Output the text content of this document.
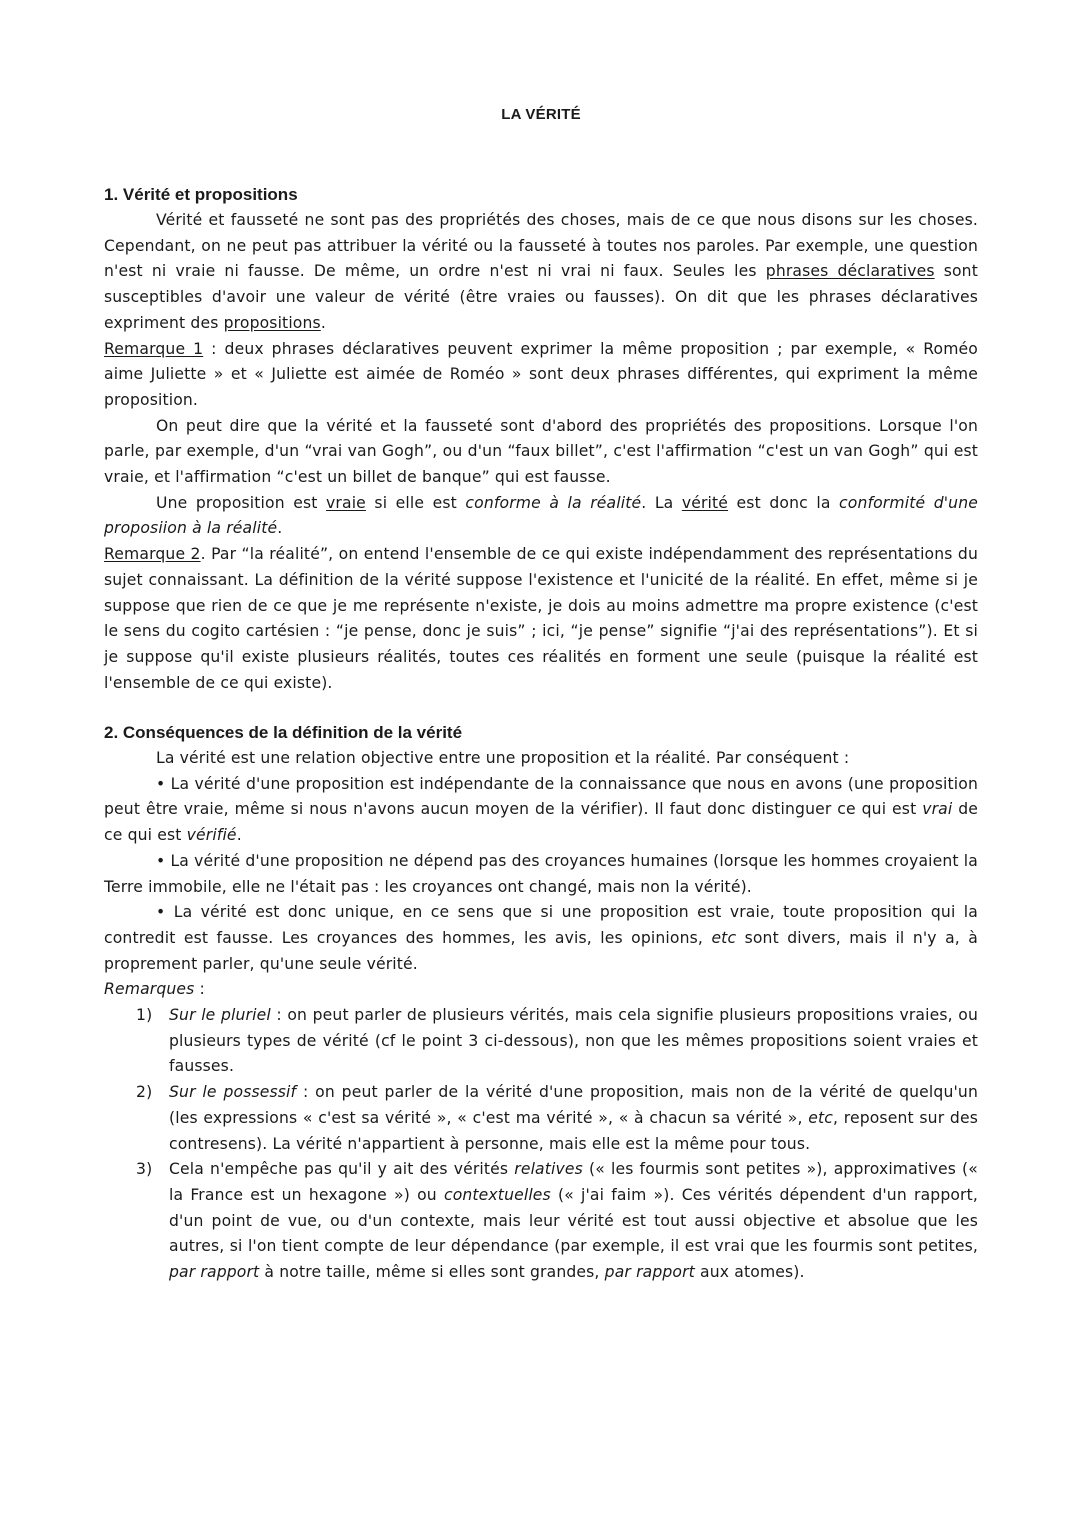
LA VÉRITÉ

1. Vérité et propositions

Vérité et fausseté ne sont pas des propriétés des choses, mais de ce que nous disons sur les choses. Cependant, on ne peut pas attribuer la vérité ou la fausseté à toutes nos paroles. Par exemple, une question n'est ni vraie ni fausse. De même, un ordre n'est ni vrai ni faux. Seules les phrases déclaratives sont susceptibles d'avoir une valeur de vérité (être vraies ou fausses). On dit que les phrases déclaratives expriment des propositions.

Remarque 1 : deux phrases déclaratives peuvent exprimer la même proposition ; par exemple, « Roméo aime Juliette » et « Juliette est aimée de Roméo » sont deux phrases différentes, qui expriment la même proposition.

On peut dire que la vérité et la fausseté sont d'abord des propriétés des propositions. Lorsque l'on parle, par exemple, d'un “vrai van Gogh”, ou d'un “faux billet”, c'est l'affirmation “c'est un van Gogh” qui est vraie, et l'affirmation “c'est un billet de banque” qui est fausse.

Une proposition est vraie si elle est conforme à la réalité. La vérité est donc la conformité d'une proposiion à la réalité.

Remarque 2. Par “la réalité”, on entend l'ensemble de ce qui existe indépendamment des représentations du sujet connaissant. La définition de la vérité suppose l'existence et l'unicité de la réalité. En effet, même si je suppose que rien de ce que je me représente n'existe, je dois au moins admettre ma propre existence (c'est le sens du cogito cartésien : “je pense, donc je suis” ; ici, “je pense” signifie “j'ai des représentations”). Et si je suppose qu'il existe plusieurs réalités, toutes ces réalités en forment une seule (puisque la réalité est l'ensemble de ce qui existe).

2. Conséquences de la définition de la vérité

La vérité est une relation objective entre une proposition et la réalité. Par conséquent :

• La vérité d'une proposition est indépendante de la connaissance que nous en avons (une proposition peut être vraie, même si nous n'avons aucun moyen de la vérifier). Il faut donc distinguer ce qui est vrai de ce qui est vérifié.

• La vérité d'une proposition ne dépend pas des croyances humaines (lorsque les hommes croyaient la Terre immobile, elle ne l'était pas : les croyances ont changé, mais non la vérité).

• La vérité est donc unique, en ce sens que si une proposition est vraie, toute proposition qui la contredit est fausse. Les croyances des hommes, les avis, les opinions, etc sont divers, mais il n'y a, à proprement parler, qu'une seule vérité.

Remarques :

1) Sur le pluriel : on peut parler de plusieurs vérités, mais cela signifie plusieurs propositions vraies, ou plusieurs types de vérité (cf le point 3 ci-dessous), non que les mêmes propositions soient vraies et fausses.
2) Sur le possessif : on peut parler de la vérité d'une proposition, mais non de la vérité de quelqu'un (les expressions « c'est sa vérité », « c'est ma vérité », « à chacun sa vérité », etc, reposent sur des contresens). La vérité n'appartient à personne, mais elle est la même pour tous.
3) Cela n'empêche pas qu'il y ait des vérités relatives (« les fourmis sont petites »), approximatives (« la France est un hexagone ») ou contextuelles (« j'ai faim »). Ces vérités dépendent d'un rapport, d'un point de vue, ou d'un contexte, mais leur vérité est tout aussi objective et absolue que les autres, si l'on tient compte de leur dépendance (par exemple, il est vrai que les fourmis sont petites, par rapport à notre taille, même si elles sont grandes, par rapport aux atomes).
